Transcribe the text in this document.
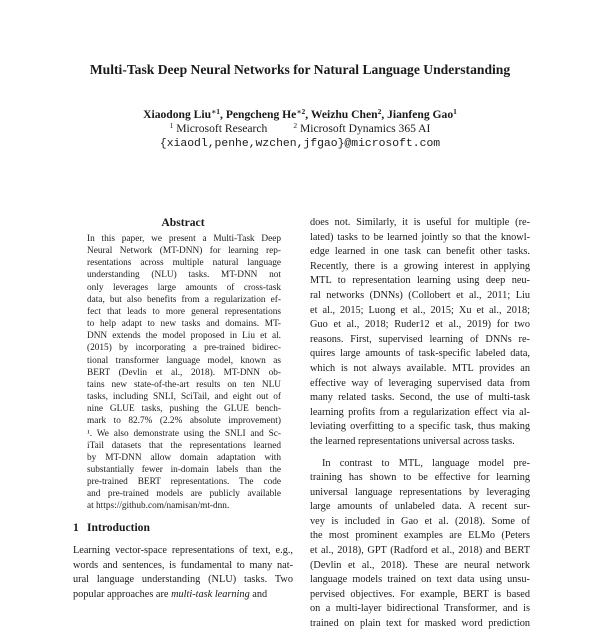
Multi-Task Deep Neural Networks for Natural Language Understanding
Xiaodong Liu$^{∗1}$, Pengcheng $He^{∗2}$, Weizhu Chen$^2$, Jianfeng Gao$^1$
$^1$ Microsoft Research	$^2$ Microsoft Dynamics 365 AI
{xiaodl,penhe,wzchen,jfgao}@microsoft.com
Abstract
In this paper, we present a Multi-Task Deep
Neural Network (MT-DNN) for learning rep-
resentations across multiple natural language
understanding (NLU) tasks. MT-DNN not
only leverages large amounts of cross-task
data, but also benefits from a regularization ef-
fect that leads to more general representations
to help adapt to new tasks and domains. MT-
DNN extends the model proposed in Liu et al.
(2015) by incorporating a pre-trained bidirec-
tional transformer language model, known as
BERT (Devlin et al., 2018). MT-DNN ob-
tains new state-of-the-art results on ten NLU
tasks, including SNLI, SciTail, and eight out of
nine GLUE tasks, pushing the GLUE bench-
mark to 82.7% (2.2% absolute improvement)
¹. We also demonstrate using the SNLI and Sc-
iTail datasets that the representations learned
by MT-DNN allow domain adaptation with
substantially fewer in-domain labels than the
pre-trained BERT representations. The code
and pre-trained models are publicly available
at https://github.com/namisan/mt-dnn.
1 Introduction
Learning vector-space representations of text, e.g.,
words and sentences, is fundamental to many nat-
ural language understanding (NLU) tasks. Two
popular approaches are multi-task learning and
does not. Similarly, it is useful for multiple (re-
lated) tasks to be learned jointly so that the knowl-
edge learned in one task can benefit other tasks.
Recently, there is a growing interest in applying
MTL to representation learning using deep neu-
ral networks (DNNs) (Collobert et al., 2011; Liu
et al., 2015; Luong et al., 2015; Xu et al., 2018;
Guo et al., 2018; Ruder12 et al., 2019) for two
reasons. First, supervised learning of DNNs re-
quires large amounts of task-specific labeled data,
which is not always available. MTL provides an
effective way of leveraging supervised data from
many related tasks. Second, the use of multi-task
learning profits from a regularization effect via al-
leviating overfitting to a specific task, thus making
the learned representations universal across tasks.
In contrast to MTL, language model pre-
training has shown to be effective for learning
universal language representations by leveraging
large amounts of unlabeled data. A recent sur-
vey is included in Gao et al. (2018). Some of
the most prominent examples are ELMo (Peters
et al., 2018), GPT (Radford et al., 2018) and BERT
(Devlin et al., 2018). These are neural network
language models trained on text data using unsu-
pervised objectives. For example, BERT is based
on a multi-layer bidirectional Transformer, and is
trained on plain text for masked word prediction
